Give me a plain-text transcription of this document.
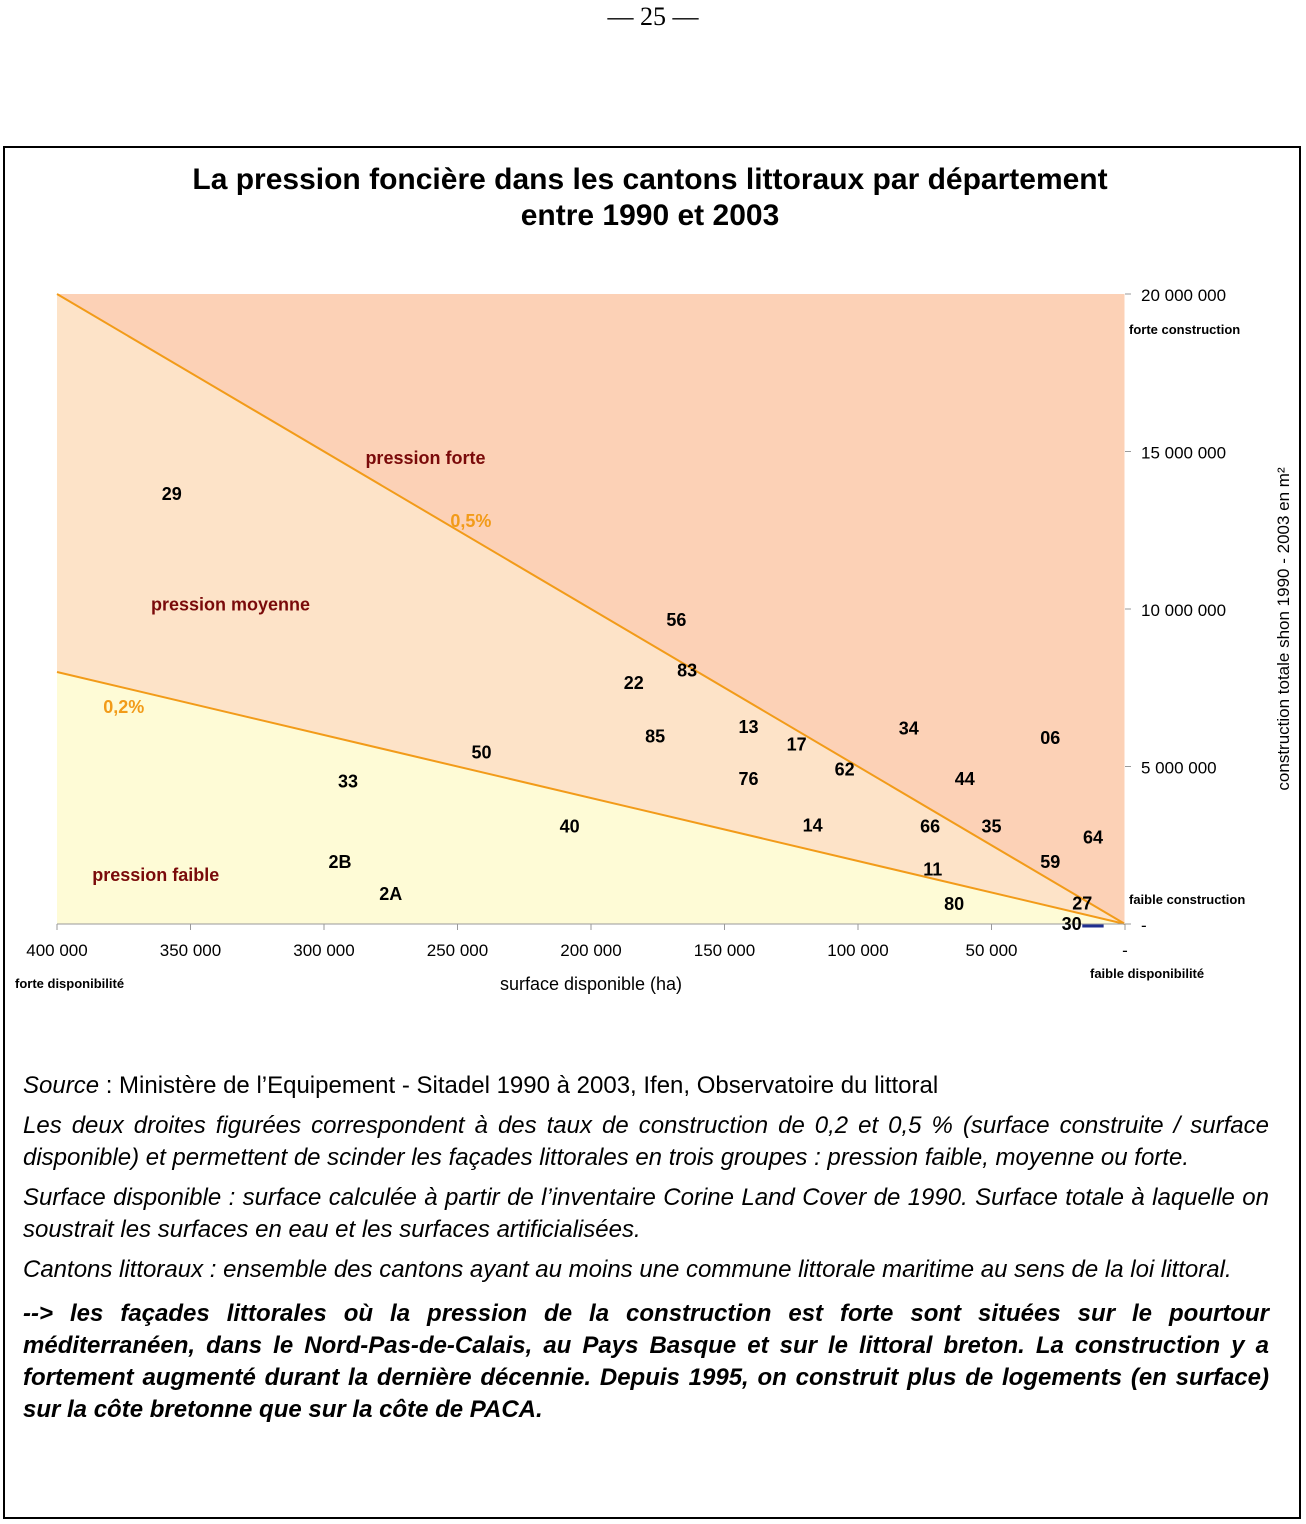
— 25 —
La pression foncière dans les cantons littoraux par département
entre 1990 et 2003
400 000	350 000	300 000	250 000	200 000	150 000	100 000	50 000	-
20 000 000
15 000 000
10 000 000
5 000 000
-
surface disponible (ha)
construction totale shon 1990 - 2003 en m²
forte disponibilité
faible disponibilité
forte construction
faible construction
0,5%
0,2%
pression forte
pression moyenne
pression faible
29
56
83
22
13	34
85	06
17
50
62
76	44
33
14
40	66 35
64
2B	59
11
2A
80	27
30

Source : Ministère de l’Equipement - Sitadel 1990 à 2003, Ifen, Observatoire du littoral

Les deux droites figurées correspondent à des taux de construction de 0,2 et 0,5 % (surface construite / surface disponible) et permettent de scinder les façades littorales en trois groupes : pression faible, moyenne ou forte.

Surface disponible : surface calculée à partir de l’inventaire Corine Land Cover de 1990. Surface totale à laquelle on soustrait les surfaces en eau et les surfaces artificialisées.

Cantons littoraux : ensemble des cantons ayant au moins une commune littorale maritime au sens de la loi littoral.

--> les façades littorales où la pression de la construction est forte sont situées sur le pourtour méditerranéen, dans le Nord-Pas-de-Calais, au Pays Basque et sur le littoral breton. La construction y a fortement augmenté durant la dernière décennie. Depuis 1995, on construit plus de logements (en surface) sur la côte bretonne que sur la côte de PACA.
